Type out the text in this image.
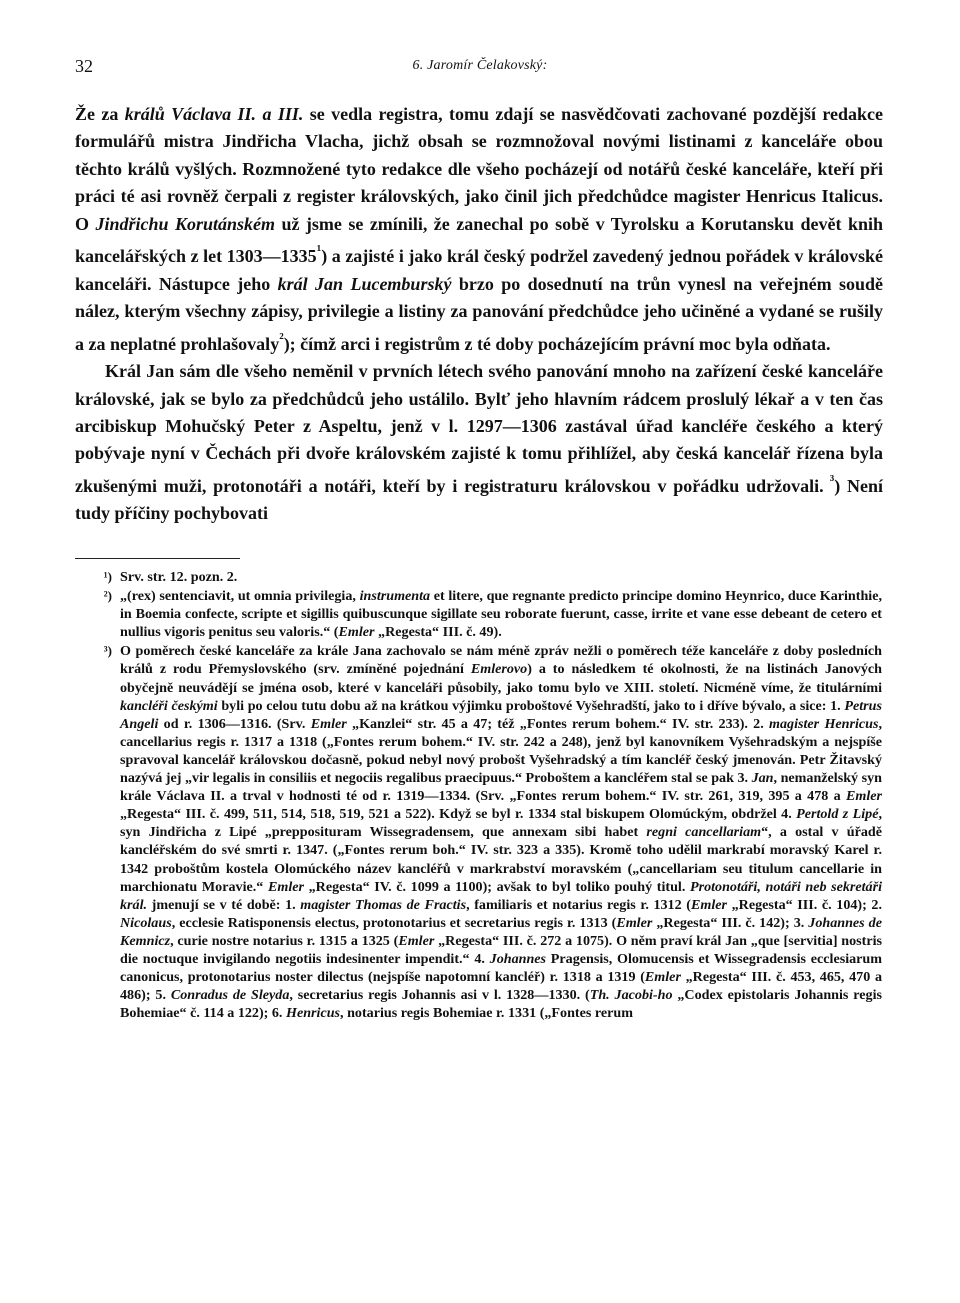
32	6. Jaromír Čelakovský:

Že za králů Václava II. a III. se vedla registra, tomu zdají se nasvědčovati zachované pozdější redakce formulářů mistra Jindřicha Vlacha, jichž obsah se rozmnožoval novými listinami z kanceláře obou těchto králů vyšlých. Rozmnožené tyto redakce dle všeho pocházejí od notářů české kanceláře, kteří při práci té asi rovněž čerpali z register královských, jako činil jich předchůdce magister Henricus Italicus. O Jindřichu Korutánském už jsme se zmínili, že zanechal po sobě v Tyrolsku a Korutansku devět knih kancelářských z let $1303—1335^{^1}$) a zajisté i jako král český podržel zavedený jednou pořádek v královské kanceláři. Nástupce jeho král Jan Lucemburský brzo po dosednutí na trůn vynesl na veřejném soudě nález, kterým všechny zápisy, privilegie a listiny za panování předchůdce jeho učiněné a vydané se rušily a za neplatné prohlašovaly$^{^2}$); čímž arci i registrům z té doby pocházejícím právní moc byla odňata.

Král Jan sám dle všeho neměnil v prvních létech svého panování mnoho na zařízení české kanceláře královské, jak se bylo za předchůdců jeho ustálilo. Bylť jeho hlavním rádcem proslulý lékař a v ten čas arcibiskup Mohučský Peter z Aspeltu, jenž v l. 1297—1306 zastával úřad kancléře českého a který pobývaje nyní v Čechách při dvoře královském zajisté k tomu přihlížel, aby česká kancelář řízena byla zkušenými muži, protonotáři a notáři, kteří by i registraturu královskou v pořádku udržovali. $^{^3}$) Není tudy příčiny pochybovati

¹) Srv. str. 12. pozn. 2.
²) „(rex) sentenciavit, ut omnia privilegia, instrumenta et litere, que regnante predicto principe domino Heynrico, duce Karinthie, in Boemia confecte, scripte et sigillis quibuscunque sigillate seu roborate fuerunt, casse, irrite et vane esse debeant de cetero et nullius vigoris penitus seu valoris.“ (Emler „Regesta“ III. č. 49).
³) O poměrech české kanceláře za krále Jana zachovalo se nám méně zpráv nežli o poměrech téže kanceláře z doby posledních králů z rodu Přemyslovského (srv. zmíněné pojednání Emlerovo) a to následkem té okolnosti, že na listinách Janových obyčejně neuvádějí se jména osob, které v kanceláři působily, jako tomu bylo ve XIII. století. Nicméně víme, že titulárními kancléři českými byli po celou tutu dobu až na krátkou výjimku proboštové Vyšehradští, jako to i dříve bývalo, a sice: 1. Petrus Angeli od r. 1306—1316. (Srv. Emler „Kanzlei“ str. 45 a 47; též „Fontes rerum bohem.“ IV. str. 233). 2. magister Henricus, cancellarius regis r. 1317 a 1318 („Fontes rerum bohem.“ IV. str. 242 a 248), jenž byl kanovníkem Vyšehradským a nejspíše spravoval kancelář královskou dočasně, pokud nebyl nový probošt Vyšehradský a tím kancléř český jmenován. Petr Žitavský nazývá jej „vir legalis in consiliis et negociis regalibus praecipuus.“ Proboštem a kancléřem stal se pak 3. Jan, nemanželský syn krále Václava II. a trval v hodnosti té od r. 1319—1334. (Srv. „Fontes rerum bohem.“ IV. str. 261, 319, 395 a 478 a Emler „Regesta“ III. č. 499, 511, 514, 518, 519, 521 a 522). Když se byl r. 1334 stal biskupem Olomúckým, obdržel 4. Pertold z Lipé, syn Jindřicha z Lipé „prepposituram Wissegradensem, que annexam sibi habet regni cancellariam“, a ostal v úřadě kancléřském do své smrti r. 1347. („Fontes rerum boh.“ IV. str. 323 a 335). Kromě toho udělil markrabí moravský Karel r. 1342 proboštům kostela Olomúckého název kancléřů v markrabství moravském („cancellariam seu titulum cancellarie in marchionatu Moravie.“ Emler „Regesta“ IV. č. 1099 a 1100); avšak to byl toliko pouhý titul. Protonotáři, notáři neb sekretáři král. jmenují se v té době: 1. magister Thomas de Fractis, familiaris et notarius regis r. 1312 (Emler „Regesta“ III. č. 104); 2. Nicolaus, ecclesie Ratisponensis electus, protonotarius et secretarius regis r. 1313 (Emler „Regesta“ III. č. 142); 3. Johannes de Kemnicz, curie nostre notarius r. 1315 a 1325 (Emler „Regesta“ III. č. 272 a 1075). O něm praví král Jan „que [servitia] nostris die noctuque invigilando negotiis indesinenter impendit.“ 4. Johannes Pragensis, Olomucensis et Wissegradensis ecclesiarum canonicus, protonotarius noster dilectus (nejspíše napotomní kancléř) r. 1318 a 1319 (Emler „Regesta“ III. č. 453, 465, 470 a 486); 5. Conradus de Sleyda, secretarius regis Johannis asi v l. 1328—1330. (Th. Jacobi-ho „Codex epistolaris Johannis regis Bohemiae“ č. 114 a 122); 6. Henricus, notarius regis Bohemiae r. 1331 („Fontes rerum
